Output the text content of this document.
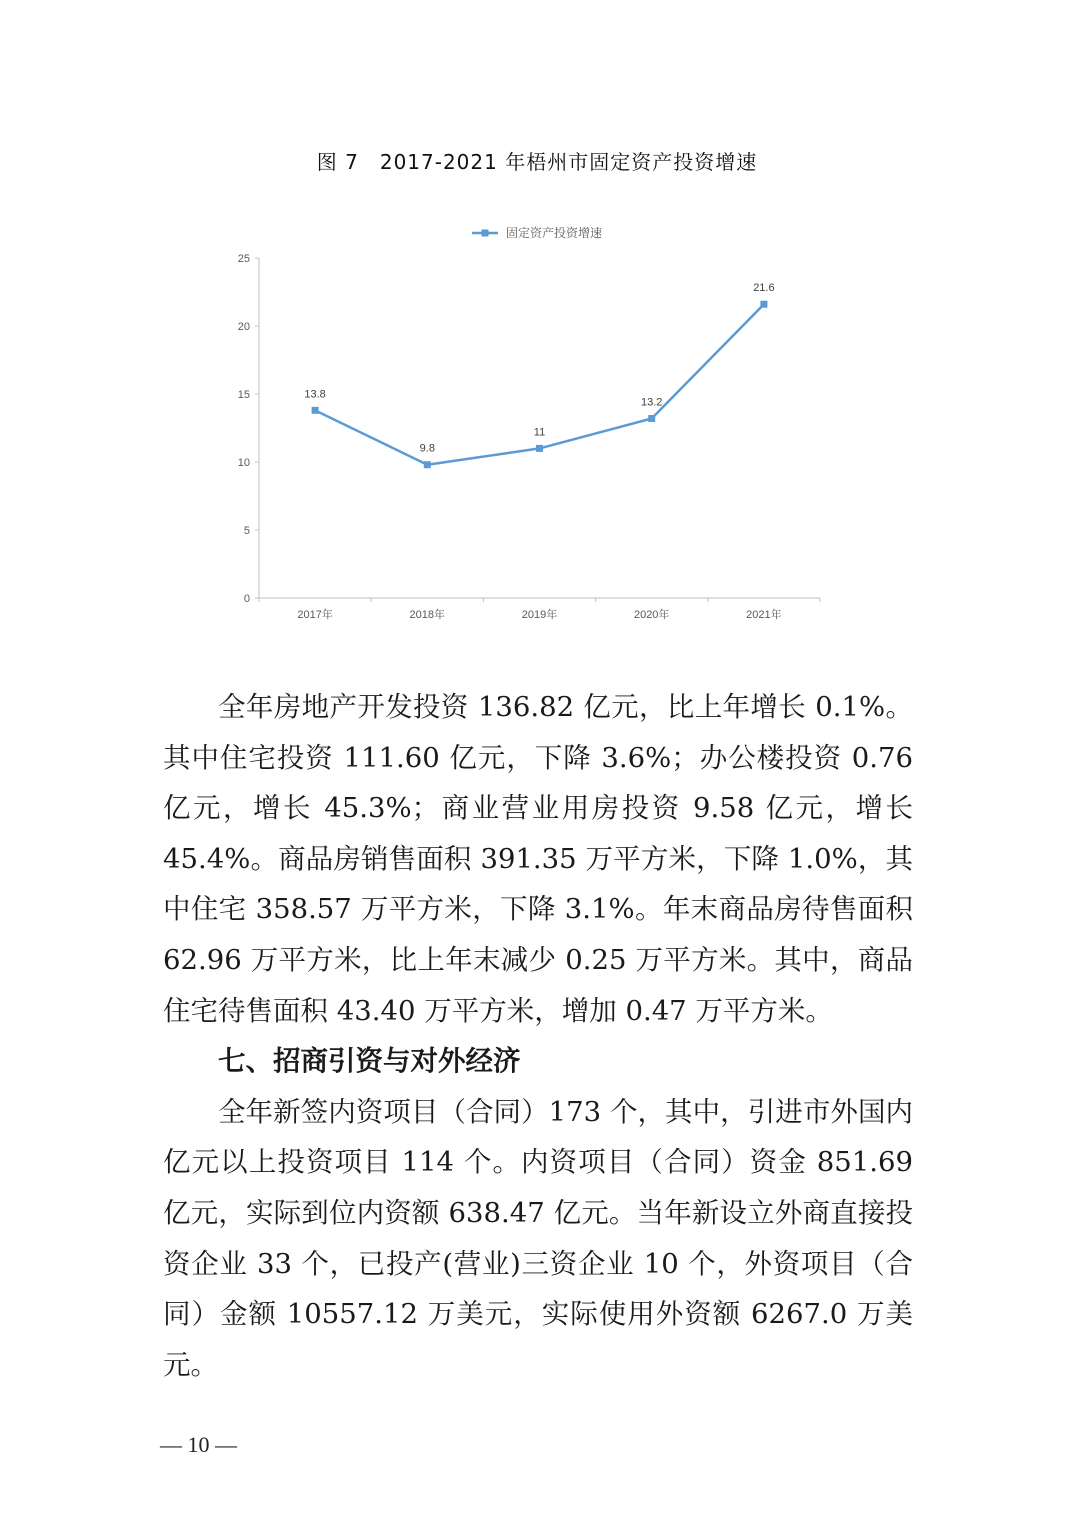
图 7　2017-2021 年梧州市固定资产投资增速
0
5
10
15
20
25
2017年	2018年	2019年	2020年	2021年
13.8
9.8
11
13.2
21.6
固定资产投资增速

全年房地产开发投资 136.82 亿元，比上年增长 0.1%。其中住宅投资 111.60 亿元，下降 3.6%；办公楼投资 0.76 亿元，增长 45.3%；商业营业用房投资 9.58 亿元，增长 45.4%。商品房销售面积 391.35 万平方米，下降 1.0%，其中住宅 358.57 万平方米，下降 3.1%。年末商品房待售面积 62.96 万平方米，比上年末减少 0.25 万平方米。其中，商品住宅待售面积 43.40 万平方米，增加 0.47 万平方米。

七、招商引资与对外经济

全年新签内资项目（合同）173 个，其中，引进市外国内亿元以上投资项目 114 个。内资项目（合同）资金 851.69 亿元，实际到位内资额 638.47 亿元。当年新设立外商直接投资企业 33 个，已投产(营业)三资企业 10 个，外资项目（合同）金额 10557.12 万美元，实际使用外资额 6267.0 万美元。

— 10 —
